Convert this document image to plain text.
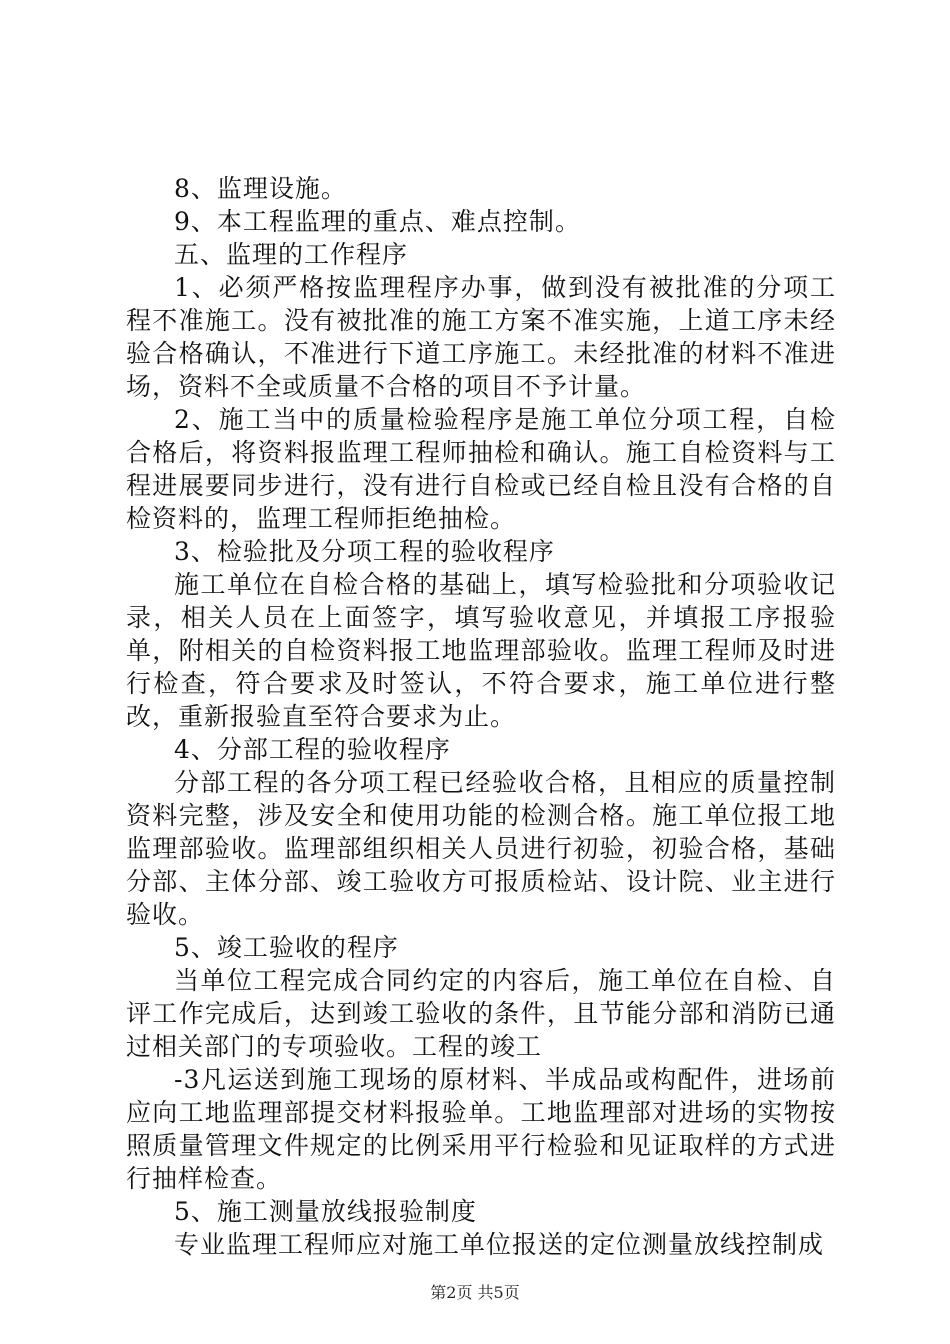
8、监理设施。

9、本工程监理的重点、难点控制。

五、监理的工作程序

1、必须严格按监理程序办事，做到没有被批准的分项工程不准施工。没有被批准的施工方案不准实施，上道工序未经验合格确认，不准进行下道工序施工。未经批准的材料不准进场，资料不全或质量不合格的项目不予计量。

2、施工当中的质量检验程序是施工单位分项工程，自检合格后，将资料报监理工程师抽检和确认。施工自检资料与工程进展要同步进行，没有进行自检或已经自检且没有合格的自检资料的，监理工程师拒绝抽检。

3、检验批及分项工程的验收程序

施工单位在自检合格的基础上，填写检验批和分项验收记录，相关人员在上面签字，填写验收意见，并填报工序报验单，附相关的自检资料报工地监理部验收。监理工程师及时进行检查，符合要求及时签认，不符合要求，施工单位进行整改，重新报验直至符合要求为止。

4、分部工程的验收程序

分部工程的各分项工程已经验收合格，且相应的质量控制资料完整，涉及安全和使用功能的检测合格。施工单位报工地监理部验收。监理部组织相关人员进行初验，初验合格，基础分部、主体分部、竣工验收方可报质检站、设计院、业主进行验收。

5、竣工验收的程序

当单位工程完成合同约定的内容后，施工单位在自检、自评工作完成后，达到竣工验收的条件，且节能分部和消防已通过相关部门的专项验收。工程的竣工

-3凡运送到施工现场的原材料、半成品或构配件，进场前应向工地监理部提交材料报验单。工地监理部对进场的实物按照质量管理文件规定的比例采用平行检验和见证取样的方式进行抽样检查。

5、施工测量放线报验制度

专业监理工程师应对施工单位报送的定位测量放线控制成

第2页 共5页
